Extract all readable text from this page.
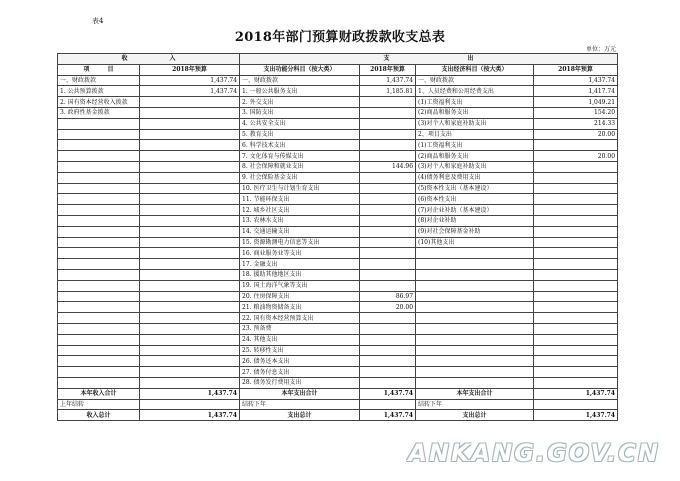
表4
2018年部门预算财政拨款收支总表
单位：万元
收　　　　　　　入		支　　　　　　　　　　　　　出			
项　　　目	2018年预算	支出功能分科目（按大类）	2018年预算	支出经济科目（按大类）	2018年预算
一、财政拨款	1,437.74	一、财政拨款	1,437.74	一、财政拨款	1,437.74
1. 公共预算拨款	1,437.74	1. 一般公共服务支出	1,185.81	1、人员经费和公用经费支出	1,417.74
2. 国有资本经营收入拨款		2. 外交支出		(1)工资福利支出	1,049.21
3. 政府性基金拨款		3. 国防支出		(2)商品和服务支出	154.20
		4. 公共安全支出		(3)对个人和家庭补助支出	214.33
		5. 教育支出		2、项目支出	20.00
		6. 科学技术支出		(1)工资福利支出	
		7. 文化体育与传媒支出		(2)商品和服务支出	20.00
		8. 社会保障和就业支出	144.96	(3)对个人和家庭补助支出	
		9. 社会保险基金支出		(4)债务利息及费用支出	
		10. 医疗卫生与计划生育支出		(5)资本性支出（基本建设）	
		11. 节能环保支出		(6)资本性支出	
		12. 城乡社区支出		(7)对企业补助（基本建设）	
		13. 农林水支出		(8)对企业补助	
		14. 交通运输支出		(9)对社会保障基金补助	
		15. 资源勘测电力信息等支出		(10)其他支出	
		16. 商业服务业等支出			
		17. 金融支出			
		18. 援助其他地区支出			
		19. 国土海洋气象等支出			
		20. 住房保障支出	86.97		
		21. 粮油物资储备支出	20.00		
		22. 国有资本经营预算支出			
		23. 预备费			
		24. 其他支出			
		25. 转移性支出			
		26. 债务还本支出			
		27. 债务付息支出			
		28. 债务发行费用支出			
本年收入合计	1,437.74	本年支出合计	1,437.74	本年支出合计	1,437.74
上年结转		结转下年		结转下年	
收入总计	1,437.74	支出总计	1,437.74	支出总计	1,437.74
ANKANG.GOV.CN
